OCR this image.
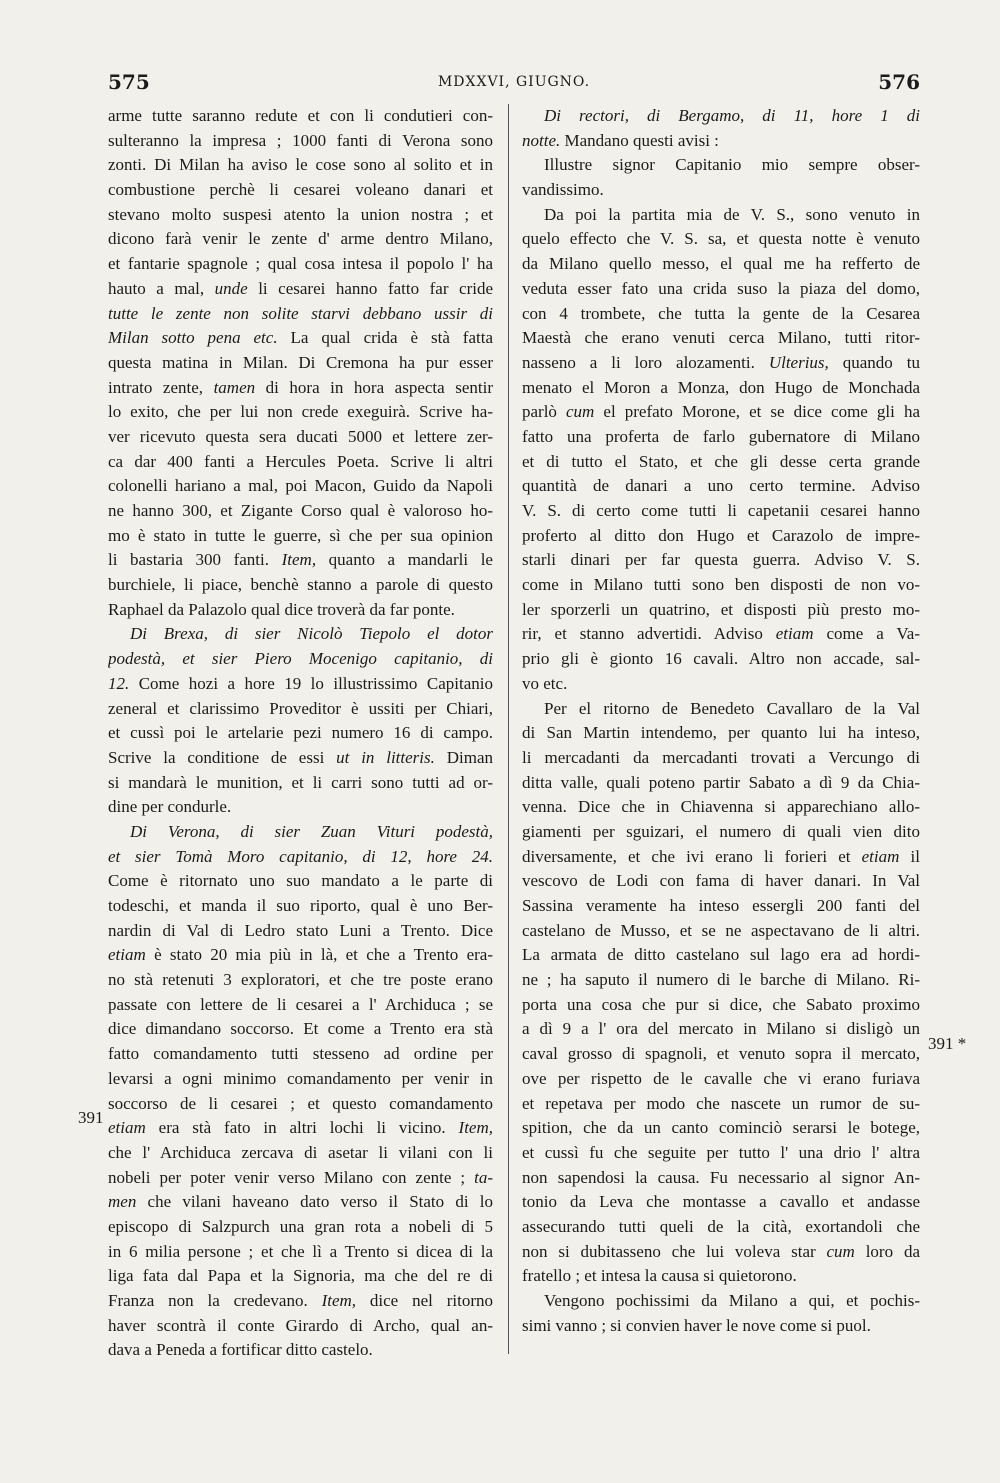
575	MDXXVI, GIUGNO.	576
arme tutte saranno redute et con li condutieri con-
sulteranno la impresa ; 1000 fanti di Verona sono
zonti. Di Milan ha aviso le cose sono al solito et in
combustione perchè li cesarei voleano danari et
stevano molto suspesi atento la union nostra ; et
dicono farà venir le zente d' arme dentro Milano,
et fantarie spagnole ; qual cosa intesa il popolo l' ha
hauto a mal, unde li cesarei hanno fatto far cride
tutte le zente non solite starvi debbano ussir di
Milan sotto pena etc. La qual crida è stà fatta
questa matina in Milan. Di Cremona ha pur esser
intrato zente, tamen di hora in hora aspecta sentir
lo exito, che per lui non crede exeguirà. Scrive ha-
ver ricevuto questa sera ducati 5000 et lettere zer-
ca dar 400 fanti a Hercules Poeta. Scrive li altri
colonelli hariano a mal, poi Macon, Guido da Napoli
ne hanno 300, et Zigante Corso qual è valoroso ho-
mo è stato in tutte le guerre, sì che per sua opinion
li bastaria 300 fanti. Item, quanto a mandarli le
burchiele, li piace, benchè stanno a parole di questo
Raphael da Palazolo qual dice troverà da far ponte.
Di Brexa, di sier Nicolò Tiepolo el dotor
podestà, et sier Piero Mocenigo capitanio, di
12. Come hozi a hore 19 lo illustrissimo Capitanio
zeneral et clarissimo Proveditor è ussiti per Chiari,
et cussì poi le artelarie pezi numero 16 di campo.
Scrive la conditione de essi ut in litteris. Diman
si mandarà le munition, et li carri sono tutti ad or-
dine per condurle.
Di Verona, di sier Zuan Vituri podestà,
et sier Tomà Moro capitanio, di 12, hore 24.
Come è ritornato uno suo mandato a le parte di
todeschi, et manda il suo riporto, qual è uno Ber-
nardin di Val di Ledro stato Luni a Trento. Dice
etiam è stato 20 mia più in là, et che a Trento era-
no stà retenuti 3 exploratori, et che tre poste erano
passate con lettere de li cesarei a l' Archiduca ; se
dice dimandano soccorso. Et come a Trento era stà
fatto comandamento tutti stesseno ad ordine per
levarsi a ogni minimo comandamento per venir in
soccorso de li cesarei ; et questo comandamento
etiam era stà fato in altri lochi li vicino. Item,
che l' Archiduca zercava di asetar li vilani con li
nobeli per poter venir verso Milano con zente ; ta-
men che vilani haveano dato verso il Stato di lo
episcopo di Salzpurch una gran rota a nobeli di 5
in 6 milia persone ; et che lì a Trento si dicea di la
liga fata dal Papa et la Signoria, ma che del re di
Franza non la credevano. Item, dice nel ritorno
haver scontrà il conte Girardo di Archo, qual an-
dava a Peneda a fortificar ditto castelo.
Di rectori, di Bergamo, di 11, hore 1 di
notte. Mandano questi avisi :
Illustre signor Capitanio mio sempre obser-
vandissimo.
Da poi la partita mia de V. S., sono venuto in
quelo effecto che V. S. sa, et questa notte è venuto
da Milano quello messo, el qual me ha refferto de
veduta esser fato una crida suso la piaza del domo,
con 4 trombete, che tutta la gente de la Cesarea
Maestà che erano venuti cerca Milano, tutti ritor-
nasseno a li loro alozamenti. Ulterius, quando tu
menato el Moron a Monza, don Hugo de Monchada
parlò cum el prefato Morone, et se dice come gli ha
fatto una proferta de farlo gubernatore di Milano
et di tutto el Stato, et che gli desse certa grande
quantità de danari a uno certo termine. Adviso
V. S. di certo come tutti li capetanii cesarei hanno
proferto al ditto don Hugo et Carazolo de impre-
starli dinari per far questa guerra. Adviso V. S.
come in Milano tutti sono ben disposti de non vo-
ler sporzerli un quatrino, et disposti più presto mo-
rir, et stanno advertidi. Adviso etiam come a Va-
prio gli è gionto 16 cavali. Altro non accade, sal-
vo etc.
Per el ritorno de Benedeto Cavallaro de la Val
di San Martin intendemo, per quanto lui ha inteso,
li mercadanti da mercadanti trovati a Vercungo di
ditta valle, quali poteno partir Sabato a dì 9 da Chia-
venna. Dice che in Chiavenna si apparechiano allo-
giamenti per sguizari, el numero di quali vien dito
diversamente, et che ivi erano li forieri et etiam il
vescovo de Lodi con fama di haver danari. In Val
Sassina veramente ha inteso essergli 200 fanti del
castelano de Musso, et se ne aspectavano de li altri.
La armata de ditto castelano sul lago era ad hordi-
ne ; ha saputo il numero di le barche di Milano. Ri-
porta una cosa che pur si dice, che Sabato proximo
a dì 9 a l' ora del mercato in Milano si disligò un
caval grosso di spagnoli, et venuto sopra il mercato,
ove per rispetto de le cavalle che vi erano furiava
et repetava per modo che nascete un rumor de su-
spition, che da un canto cominciò serarsi le botege,
et cussì fu che seguite per tutto l' una drio l' altra
non sapendosi la causa. Fu necessario al signor An-
tonio da Leva che montasse a cavallo et andasse
assecurando tutti queli de la cità, exortandoli che
non si dubitasseno che lui voleva star cum loro da
fratello ; et intesa la causa si quietorono.
Vengono pochissimi da Milano a qui, et pochis-
simi vanno ; si convien haver le nove come si puol.
391
391 *
